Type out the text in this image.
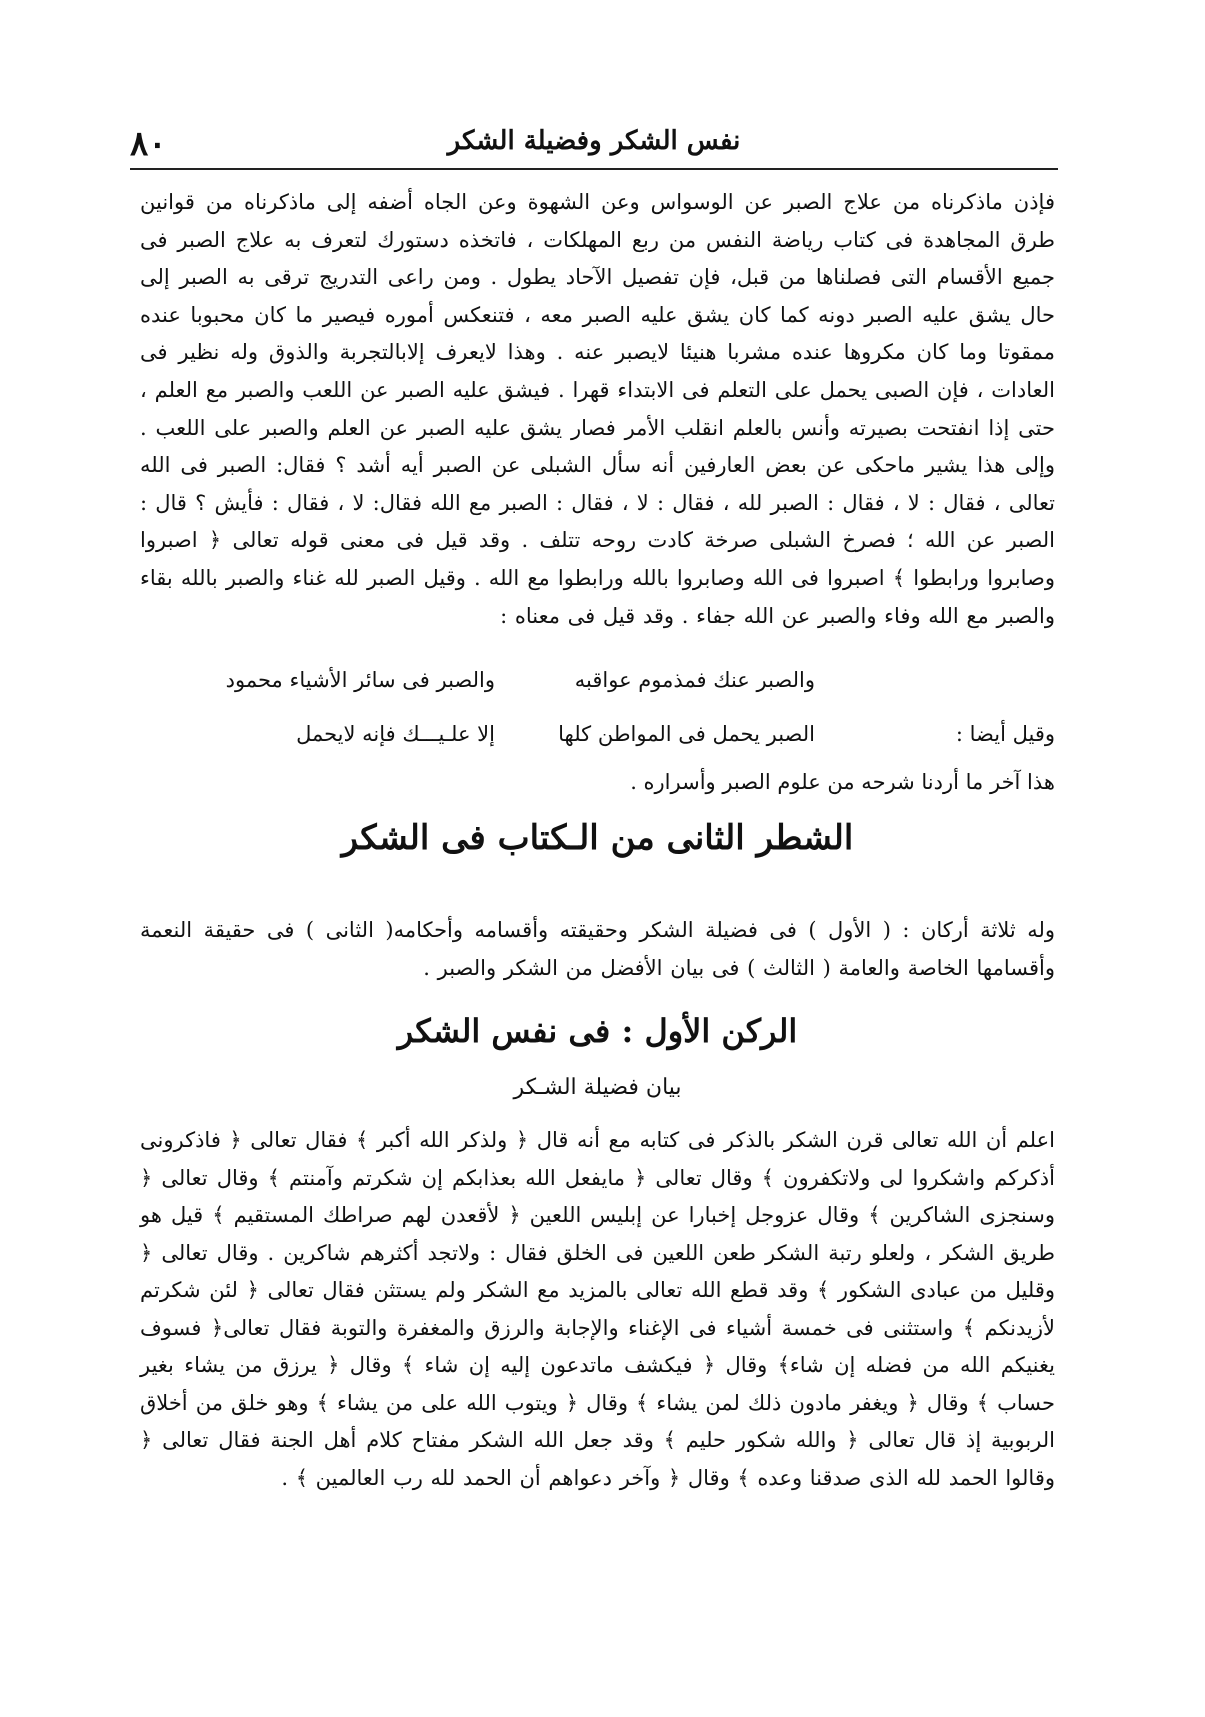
٨٠	نفس الشكر وفضيلة الشكر
فإذن ماذكرناه من علاج الصبر عن الوسواس وعن الشهوة وعن الجاه أضفه إلى ماذكرناه من قوانين طرق المجاهدة فى كتاب رياضة النفس من ربع المهلكات ، فاتخذه دستورك لتعرف به علاج الصبر فى جميع الأقسام التى فصلناها من قبل، فإن تفصيل الآحاد يطول . ومن راعى التدريج ترقى به الصبر إلى حال يشق عليه الصبر دونه كما كان يشق عليه الصبر معه ، فتنعكس أموره فيصير ما كان محبوبا عنده ممقوتا وما كان مكروها عنده مشربا هنيئا لايصبر عنه . وهذا لايعرف إلابالتجربة والذوق وله نظير فى العادات ، فإن الصبى يحمل على التعلم فى الابتداء قهرا . فيشق عليه الصبر عن اللعب والصبر مع العلم ، حتى إذا انفتحت بصيرته وأنس بالعلم انقلب الأمر فصار يشق عليه الصبر عن العلم والصبر على اللعب . وإلى هذا يشير ماحكى عن بعض العارفين أنه سأل الشبلى عن الصبر أيه أشد ؟ فقال: الصبر فى الله تعالى ، فقال : لا ، فقال : الصبر لله ، فقال : لا ، فقال : الصبر مع الله فقال: لا ، فقال : فأيش ؟ قال : الصبر عن الله ؛ فصرخ الشبلى صرخة كادت روحه تتلف . وقد قيل فى معنى قوله تعالى ﴿ اصبروا وصابروا ورابطوا ﴾ اصبروا فى الله وصابروا بالله ورابطوا مع الله . وقيل الصبر لله غناء والصبر بالله بقاء والصبر مع الله وفاء والصبر عن الله جفاء . وقد قيل فى معناه :
والصبر عنك فمذموم عواقبه
والصبر فى سائر الأشياء محمود
وقيل أيضا :
الصبر يحمل فى المواطن كلها
إلا علـيـــك فإنه لايحمل
هذا آخر ما أردنا شرحه من علوم الصبر وأسراره .
الشطر الثانى من الـكتاب فى الشكر
وله ثلاثة أركان : ( الأول ) فى فضيلة الشكر وحقيقته وأقسامه وأحكامه( الثانى ) فى حقيقة النعمة وأقسامها الخاصة والعامة ( الثالث ) فى بيان الأفضل من الشكر والصبر .
الركن الأول : فى نفس الشكر
بيان فضيلة الشـكر
اعلم أن الله تعالى قرن الشكر بالذكر فى كتابه مع أنه قال ﴿ ولذكر الله أكبر ﴾ فقال تعالى ﴿ فاذكرونى أذكركم واشكروا لى ولاتكفرون ﴾ وقال تعالى ﴿ مايفعل الله بعذابكم إن شكرتم وآمنتم ﴾ وقال تعالى ﴿ وسنجزى الشاكرين ﴾ وقال عزوجل إخبارا عن إبليس اللعين ﴿ لأقعدن لهم صراطك المستقيم ﴾ قيل هو طريق الشكر ، ولعلو رتبة الشكر طعن اللعين فى الخلق فقال : ولاتجد أكثرهم شاكرين . وقال تعالى ﴿ وقليل من عبادى الشكور ﴾ وقد قطع الله تعالى بالمزيد مع الشكر ولم يستثن فقال تعالى ﴿ لئن شكرتم لأزيدنكم ﴾ واستثنى فى خمسة أشياء فى الإغناء والإجابة والرزق والمغفرة والتوبة فقال تعالى﴿ فسوف يغنيكم الله من فضله إن شاء﴾ وقال ﴿ فيكشف ماتدعون إليه إن شاء ﴾ وقال ﴿ يرزق من يشاء بغير حساب ﴾ وقال ﴿ ويغفر مادون ذلك لمن يشاء ﴾ وقال ﴿ ويتوب الله على من يشاء ﴾ وهو خلق من أخلاق الربوبية إذ قال تعالى ﴿ والله شكور حليم ﴾ وقد جعل الله الشكر مفتاح كلام أهل الجنة فقال تعالى ﴿ وقالوا الحمد لله الذى صدقنا وعده ﴾ وقال ﴿ وآخر دعواهم أن الحمد لله رب العالمين ﴾ .
